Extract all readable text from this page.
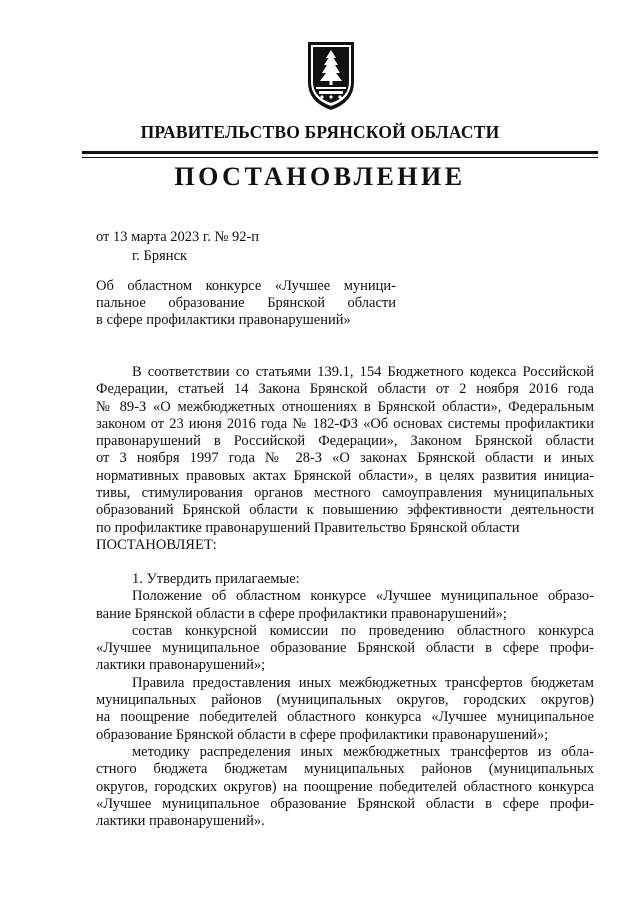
ПРАВИТЕЛЬСТВО БРЯНСКОЙ ОБЛАСТИ
ПОСТАНОВЛЕНИЕ
от 13 марта 2023 г. № 92-п
г. Брянск
Об областном конкурсе «Лучшее муници-
пальное образование Брянской области
в сфере профилактики правонарушений»
В соответствии со статьями 139.1, 154 Бюджетного кодекса Российской
Федерации, статьей 14 Закона Брянской области от 2 ноября 2016 года
№ 89-З «О межбюджетных отношениях в Брянской области», Федеральным
законом от 23 июня 2016 года № 182-ФЗ «Об основах системы профилактики
правонарушений в Российской Федерации», Законом Брянской области
от 3 ноября 1997 года № 28-З «О законах Брянской области и иных
нормативных правовых актах Брянской области», в целях развития инициа-
тивы, стимулирования органов местного самоуправления муниципальных
образований Брянской области к повышению эффективности деятельности
по профилактике правонарушений Правительство Брянской области
ПОСТАНОВЛЯЕТ:
1. Утвердить прилагаемые:
Положение об областном конкурсе «Лучшее муниципальное образо-
вание Брянской области в сфере профилактики правонарушений»;
состав конкурсной комиссии по проведению областного конкурса
«Лучшее муниципальное образование Брянской области в сфере профи-
лактики правонарушений»;
Правила предоставления иных межбюджетных трансфертов бюджетам
муниципальных районов (муниципальных округов, городских округов)
на поощрение победителей областного конкурса «Лучшее муниципальное
образование Брянской области в сфере профилактики правонарушений»;
методику распределения иных межбюджетных трансфертов из обла-
стного бюджета бюджетам муниципальных районов (муниципальных
округов, городских округов) на поощрение победителей областного конкурса
«Лучшее муниципальное образование Брянской области в сфере профи-
лактики правонарушений».
